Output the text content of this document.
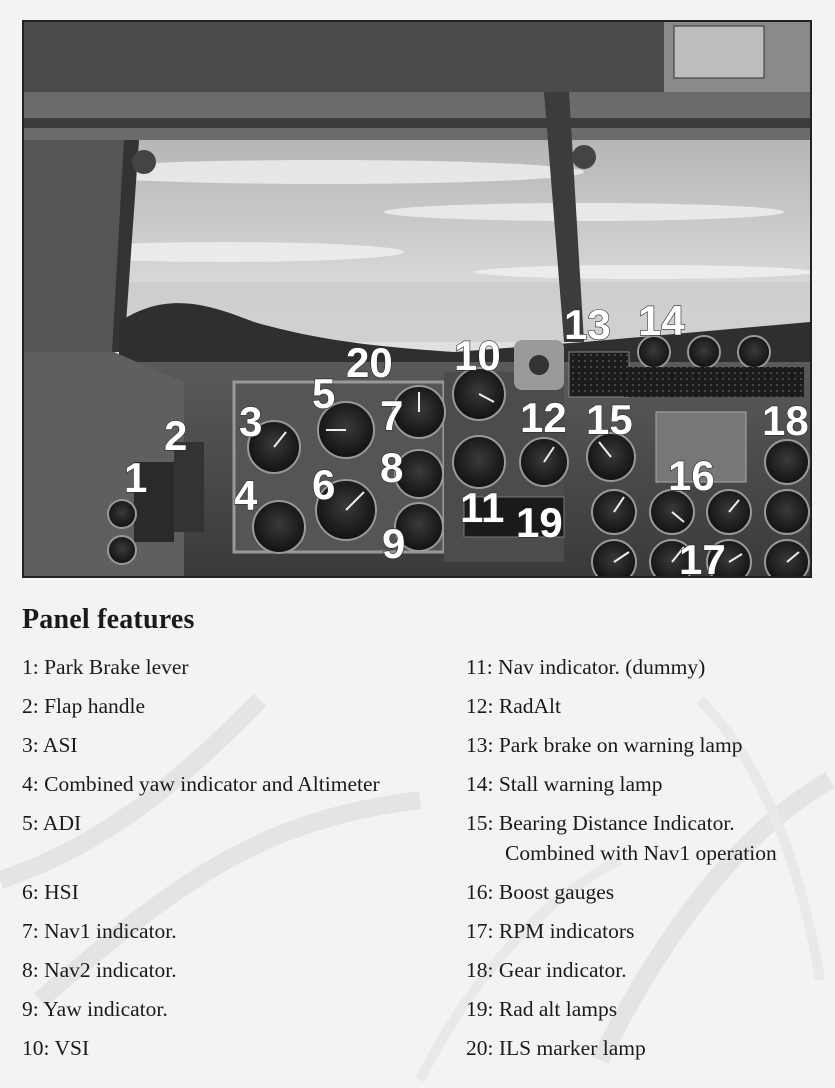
1
2 3
4
5
6
7
8
9
10
11
12
13 14
15
16
17
18
19
20
Panel features
1: Park Brake lever
2: Flap handle
3: ASI
4: Combined yaw indicator and Altimeter
5: ADI
6: HSI
7: Nav1 indicator.
8: Nav2 indicator.
9: Yaw indicator.
10: VSI
11: Nav indicator. (dummy)
12: RadAlt
13: Park brake on warning lamp
14: Stall warning lamp
15: Bearing Distance Indicator.
Combined with Nav1 operation
16: Boost gauges
17: RPM indicators
18: Gear indicator.
19: Rad alt lamps
20: ILS marker lamp
